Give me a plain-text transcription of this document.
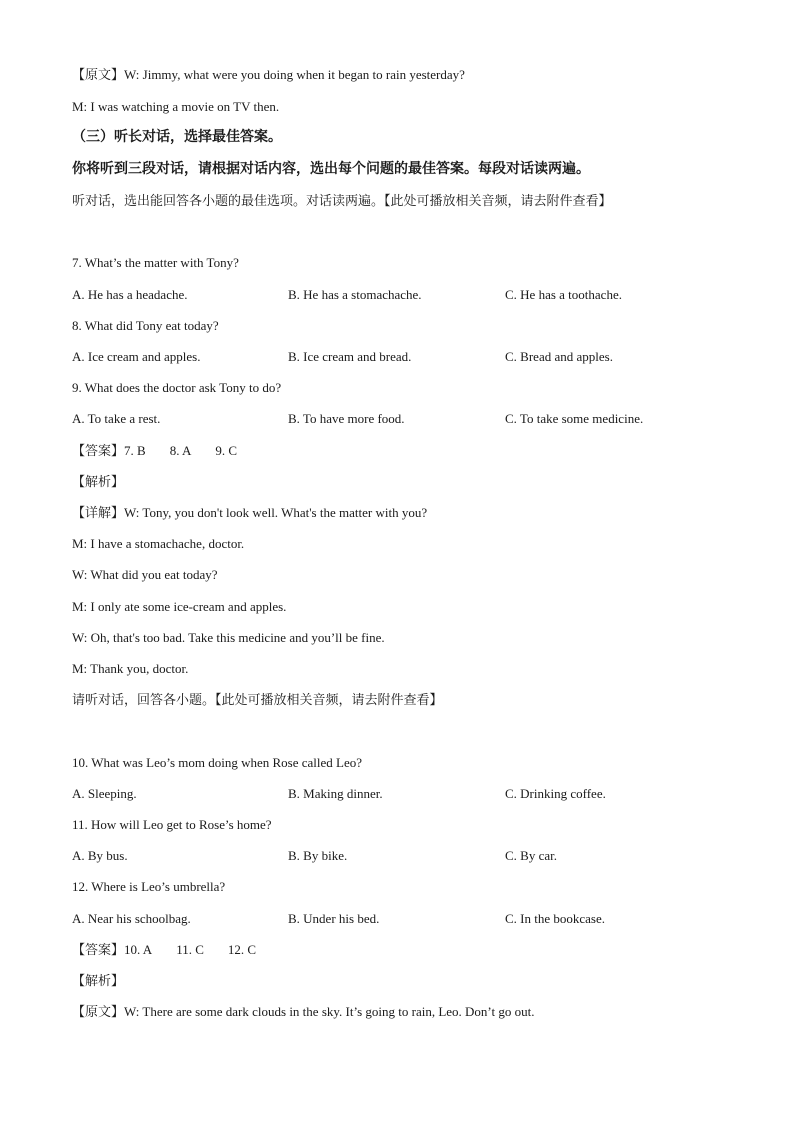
【原文】W: Jimmy, what were you doing when it began to rain yesterday?
M: I was watching a movie on TV then.
（三）听长对话，选择最佳答案。
你将听到三段对话，请根据对话内容，选出每个问题的最佳答案。每段对话读两遍。
听对话，选出能回答各小题的最佳选项。对话读两遍。【此处可播放相关音频，请去附件查看】
7. What’s the matter with Tony?
A. He has a headache.	B. He has a stomachache.	C. He has a toothache.
8. What did Tony eat today?
A. Ice cream and apples.	B. Ice cream and bread.	C. Bread and apples.
9. What does the doctor ask Tony to do?
A. To take a rest.	B. To have more food.	C. To take some medicine.
【答案】7. B 8. A 9. C
【解析】
【详解】W: Tony, you don't look well. What's the matter with you?
M: I have a stomachache, doctor.
W: What did you eat today?
M: I only ate some ice-cream and apples.
W: Oh, that's too bad. Take this medicine and you’ll be fine.
M: Thank you, doctor.
请听对话，回答各小题。【此处可播放相关音频，请去附件查看】
10. What was Leo’s mom doing when Rose called Leo?
A. Sleeping.	B. Making dinner.	C. Drinking coffee.
11. How will Leo get to Rose’s home?
A. By bus.	B. By bike.	C. By car.
12. Where is Leo’s umbrella?
A. Near his schoolbag.	B. Under his bed.	C. In the bookcase.
【答案】10. A 11. C 12. C
【解析】
【原文】W: There are some dark clouds in the sky. It’s going to rain, Leo. Don’t go out.
